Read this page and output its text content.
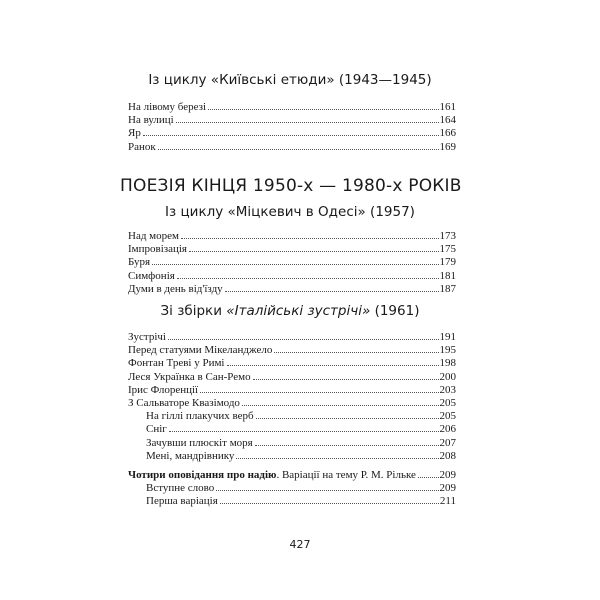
Із циклу «Київські етюди» (1943—1945)
На лівому березі	161
На вулиці	164
Яр	166
Ранок	169
ПОЕЗІЯ КІНЦЯ 1950-х — 1980-х РОКІВ
Із циклу «Міцкевич в Одесі» (1957)
Над морем	173
Імпровізація	175
Буря	179
Симфонія	181
Думи в день від'їзду	187
Зі збірки «Італійські зустрічі» (1961)
Зустрічі	191
Перед статуями Мікеланджело	195
Фонтан Треві у Римі	198
Леся Українка в Сан-Ремо	200
Ірис Флоренції	203
З Сальваторе Квазімодо	205
На гіллі плакучих верб	205
Сніг	206
Зачувши плюскіт моря	207
Мені, мандрівнику	208
Чотири оповідання про надію. Варіації на тему Р. М. Рільке 209
Вступне слово	209
Перша варіація	211
427
